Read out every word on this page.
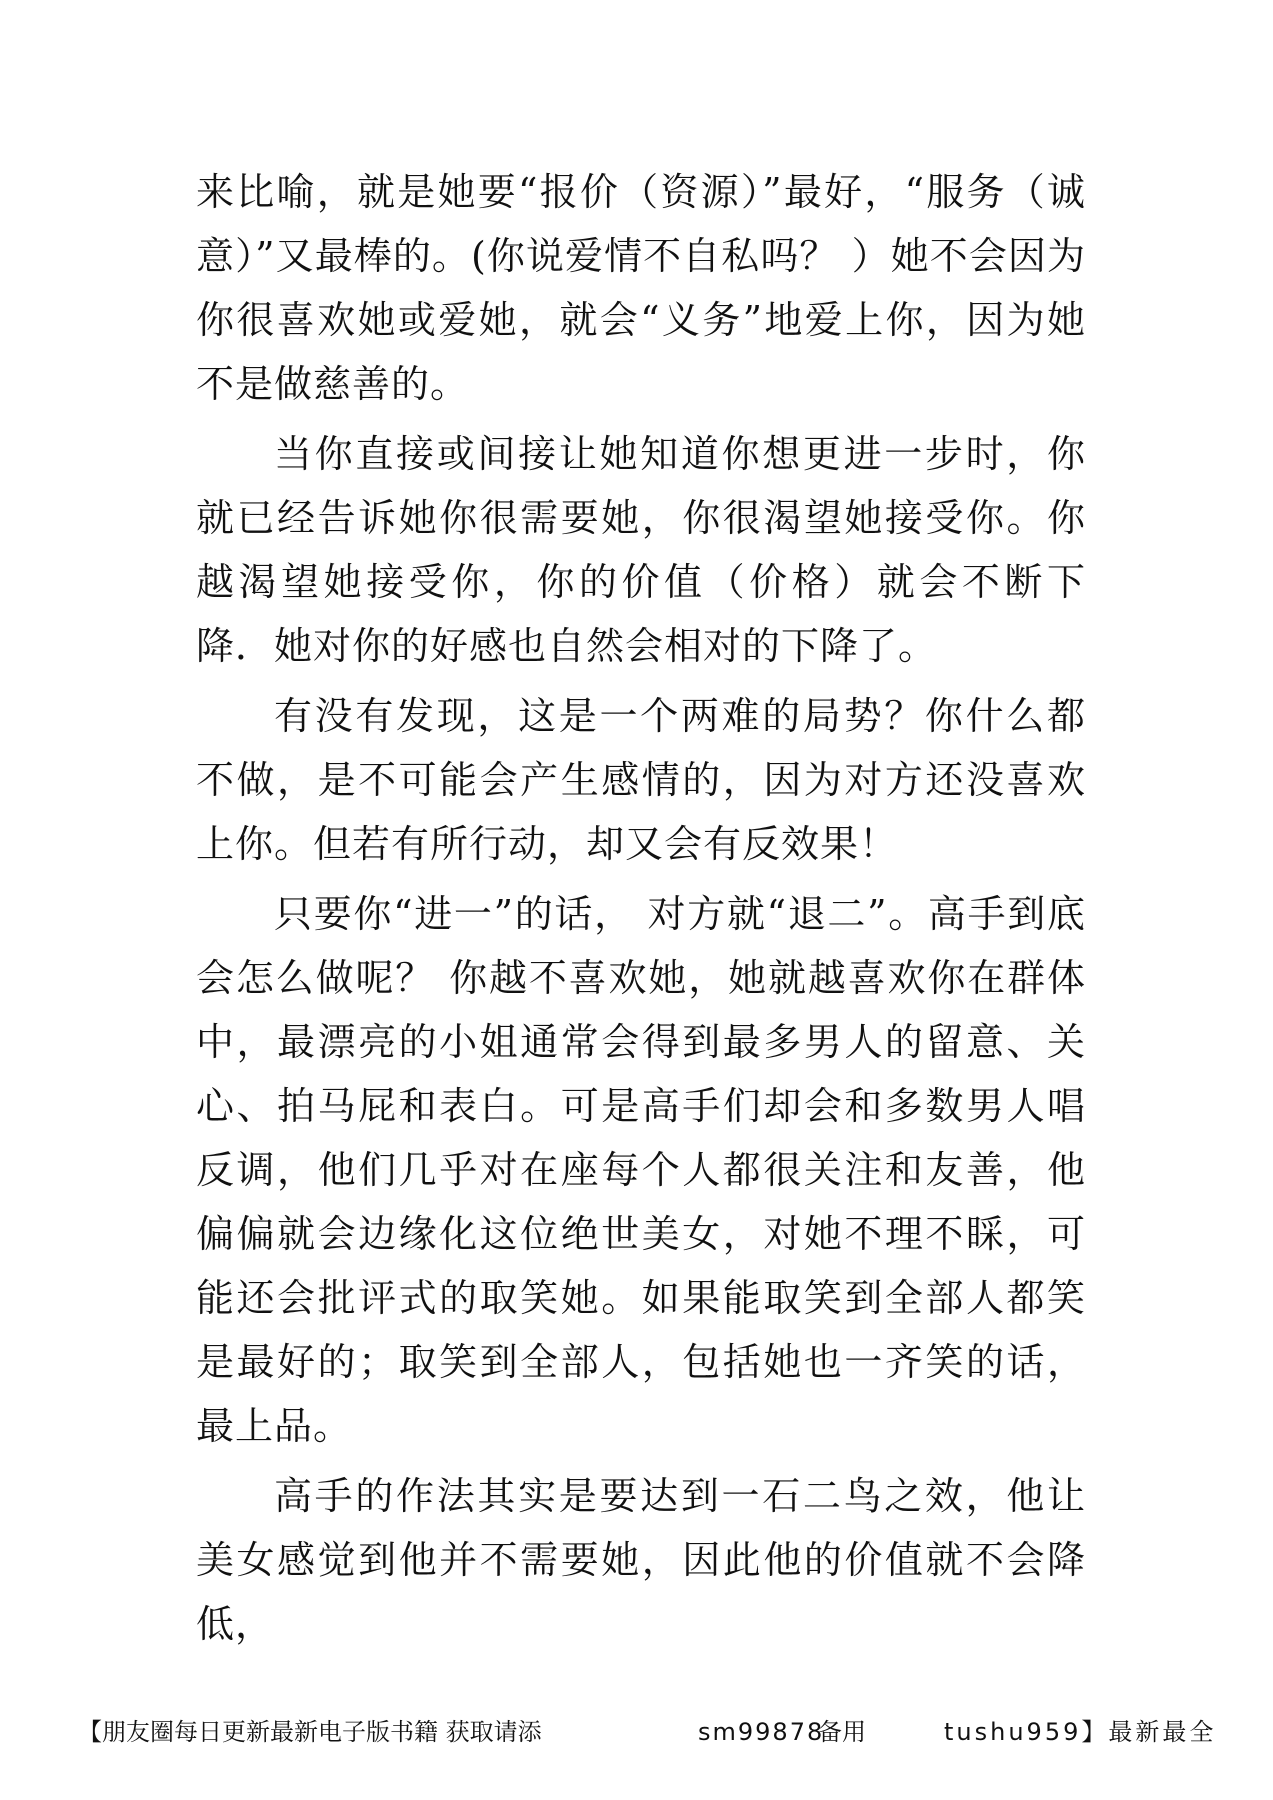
来比喻，就是她要“报价（资源）”最好，“服务（诚意）”又最棒的。(你说爱情不自私吗？ ）她不会因为你很喜欢她或爱她，就会“义务”地爱上你，因为她不是做慈善的。

当你直接或间接让她知道你想更进一步时，你就已经告诉她你很需要她，你很渴望她接受你。你越渴望她接受你，你的价值（价格）就会不断下降．她对你的好感也自然会相对的下降了。

有没有发现，这是一个两难的局势？你什么都不做，是不可能会产生感情的，因为对方还没喜欢上你。但若有所行动，却又会有反效果！

只要你“进一”的话， 对方就“退二”。高手到底会怎么做呢？ 你越不喜欢她，她就越喜欢你在群体中，最漂亮的小姐通常会得到最多男人的留意、关心、拍马屁和表白。可是高手们却会和多数男人唱反调，他们几乎对在座每个人都很关注和友善，他偏偏就会边缘化这位绝世美女，对她不理不睬，可能还会批评式的取笑她。如果能取笑到全部人都笑是最好的；取笑到全部人，包括她也一齐笑的话，最上品。

高手的作法其实是要达到一石二鸟之效，他让美女感觉到他并不需要她，因此他的价值就不会降低，

【朋友圈每日更新最新电子版书籍 获取请添	sm99878
备用	tushu959】最新最全
